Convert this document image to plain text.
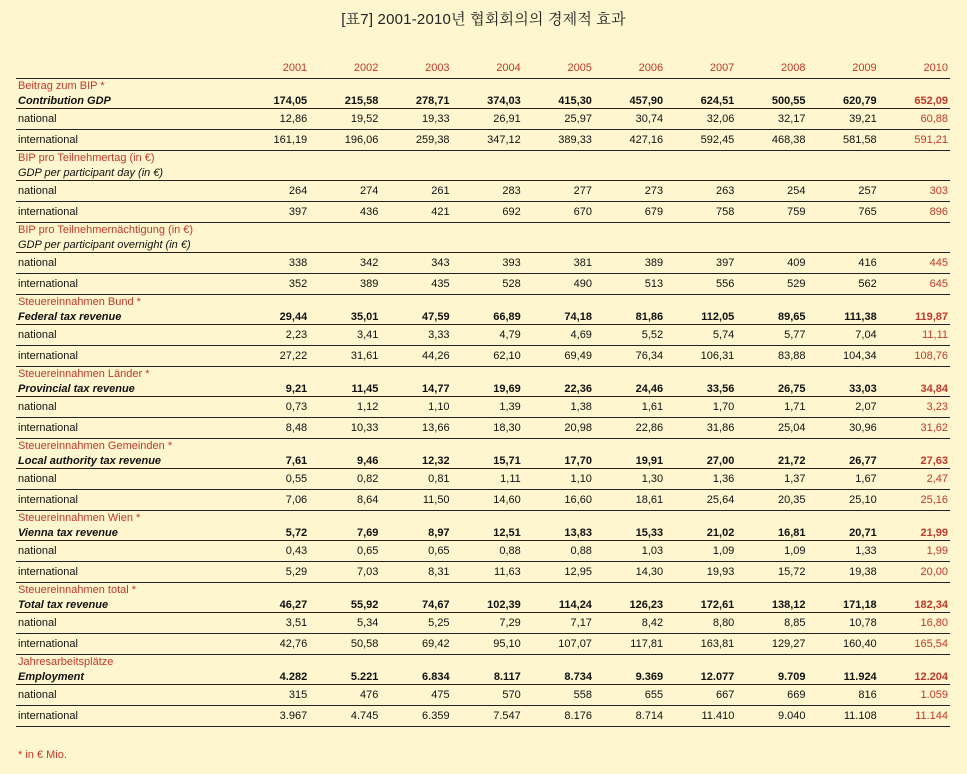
[표7] 2001-2010년 협회회의의 경제적 효과
	2001	2002	2003	2004	2005	2006	2007	2008	2009	2010
Beitrag zum BIP *										
Contribution GDP	174,05	215,58	278,71	374,03	415,30	457,90	624,51	500,55	620,79	652,09
national	12,86	19,52	19,33	26,91	25,97	30,74	32,06	32,17	39,21	60,88
international	161,19	196,06	259,38	347,12	389,33	427,16	592,45	468,38	581,58	591,21
BIP pro Teilnehmertag (in €)										
GDP per participant day (in €)										
national	264	274	261	283	277	273	263	254	257	303
international	397	436	421	692	670	679	758	759	765	896
BIP pro Teilnehmernächtigung (in €)										
GDP per participant overnight (in €)										
national	338	342	343	393	381	389	397	409	416	445
international	352	389	435	528	490	513	556	529	562	645
Steuereinnahmen Bund *										
Federal tax revenue	29,44	35,01	47,59	66,89	74,18	81,86	112,05	89,65	111,38	119,87
national	2,23	3,41	3,33	4,79	4,69	5,52	5,74	5,77	7,04	11,11
international	27,22	31,61	44,26	62,10	69,49	76,34	106,31	83,88	104,34	108,76
Steuereinnahmen Länder *										
Provincial tax revenue	9,21	11,45	14,77	19,69	22,36	24,46	33,56	26,75	33,03	34,84
national	0,73	1,12	1,10	1,39	1,38	1,61	1,70	1,71	2,07	3,23
international	8,48	10,33	13,66	18,30	20,98	22,86	31,86	25,04	30,96	31,62
Steuereinnahmen Gemeinden *										
Local authority tax revenue	7,61	9,46	12,32	15,71	17,70	19,91	27,00	21,72	26,77	27,63
national	0,55	0,82	0,81	1,11	1,10	1,30	1,36	1,37	1,67	2,47
international	7,06	8,64	11,50	14,60	16,60	18,61	25,64	20,35	25,10	25,16
Steuereinnahmen Wien *										
Vienna tax revenue	5,72	7,69	8,97	12,51	13,83	15,33	21,02	16,81	20,71	21,99
national	0,43	0,65	0,65	0,88	0,88	1,03	1,09	1,09	1,33	1,99
international	5,29	7,03	8,31	11,63	12,95	14,30	19,93	15,72	19,38	20,00
Steuereinnahmen total *										
Total tax revenue	46,27	55,92	74,67	102,39	114,24	126,23	172,61	138,12	171,18	182,34
national	3,51	5,34	5,25	7,29	7,17	8,42	8,80	8,85	10,78	16,80
international	42,76	50,58	69,42	95,10	107,07	117,81	163,81	129,27	160,40	165,54
Jahresarbeitsplätze										
Employment	4.282	5.221	6.834	8.117	8.734	9.369	12.077	9.709	11.924	12.204
national	315	476	475	570	558	655	667	669	816	1.059
international	3.967	4.745	6.359	7.547	8.176	8.714	11.410	9.040	11.108	11.144
* in € Mio.
